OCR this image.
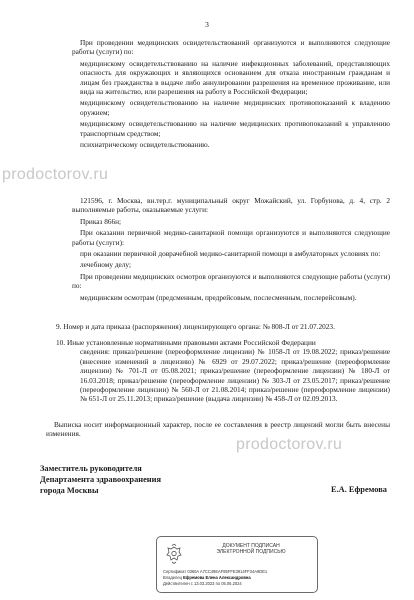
3

При проведении медицинских освидетельствований организуются и выполняются следующие работы (услуги) по:

медицинскому освидетельствованию на наличие инфекционных заболеваний, представляющих опасность для окружающих и являющихся основанием для отказа иностранным гражданам и лицам без гражданства в выдаче либо аннулировании разрешения на временное проживание, или вида на жительство, или разрешения на работу в Российской Федерации;

медицинскому освидетельствованию на наличие медицинских противопоказаний к владению оружием;

медицинскому освидетельствованию на наличие медицинских противопоказаний к управлению транспортным средством;

психиатрическому освидетельствованию.

prodoctorov.ru

121596, г. Москва, вн.тер.г. муниципальный округ Можайский, ул. Горбунова, д. 4, стр. 2 выполняемые работы, оказываемые услуги:

Приказ 866н;

При оказании первичной медико-санитарной помощи организуются и выполняются следующие работы (услуги):

при оказании первичной доврачебной медико-санитарной помощи в амбулаторных условиях по:

лечебному делу;

При проведении медицинских осмотров организуются и выполняются следующие работы (услуги) по:

медицинским осмотрам (предсменным, предрейсовым, послесменным, послерейсовым).

9. Номер и дата приказа (распоряжения) лицензирующего органа: № 808-Л от 21.07.2023.
10. Иные установленные нормативными правовыми актами Российской Федерации
сведения: приказ/решение (переоформление лицензии) № 1058-Л от 19.08.2022; приказ/решение (внесение изменений в лицензию) № 6929 от 29.07.2022; приказ/решение (переоформление лицензии) № 701-Л от 05.08.2021; приказ/решение (переоформление лицензии) № 180-Л от 16.03.2018; приказ/решение (переоформление лицензии) № 303-Л от 23.05.2017; приказ/решение (переоформление лицензии) № 560-Л от 21.08.2014; приказ/решение (переоформление лицензии) № 651-Л от 25.11.2013; приказ/решение (выдача лицензии) № 458-Л от 02.09.2013.
Выписка носит информационный характер, после ее составления в реестр лицензий могли быть внесены изменения.
prodoctorov.ru
Заместитель руководителя
Департамента здравоохранения
города Москвы	Е.А. Ефремова
ДОКУМЕНТ ПОДПИСАН
ЭЛЕКТРОННОЙ ПОДПИСЬЮ
Сертификат 0360A A7CC49EAF85FFE3914FF34A9DE1
Владелец Ефремова Елена Александровна
Действителен с 13.03.2023 по 05.06.2024
